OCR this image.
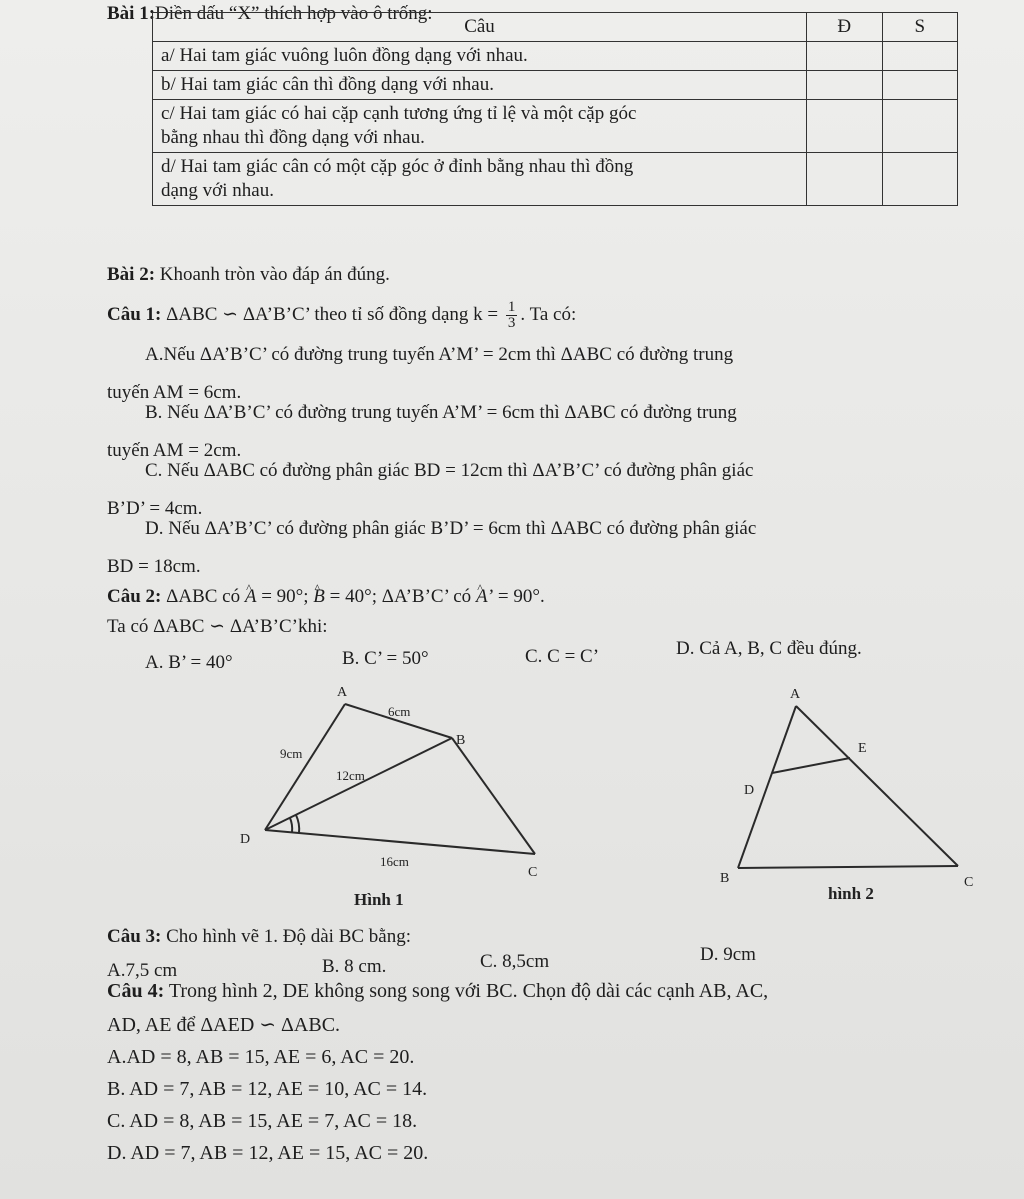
Bài 1:Điền dấu “X” thích hợp vào ô trống:
Câu	Đ	S
a/ Hai tam giác vuông luôn đồng dạng với nhau.		
b/ Hai tam giác cân thì đồng dạng với nhau.		
c/ Hai tam giác có hai cặp cạnh tương ứng tỉ lệ và một cặp góc
bằng nhau thì đồng dạng với nhau.		
d/ Hai tam giác cân có một cặp góc ở đỉnh bằng nhau thì đồng
dạng với nhau.		
Bài 2: Khoanh tròn vào đáp án đúng.
Câu 1: ΔABC ∽ ΔA’B’C’ theo tỉ số đồng dạng $k = \frac{1}{3}$ . Ta có:
A.Nếu ΔA’B’C’ có đường trung tuyến A’M’ = 2cm thì ΔABC có đường trung
tuyến AM = 6cm.
B. Nếu ΔA’B’C’ có đường trung tuyến A’M’ = 6cm thì ΔABC có đường trung
tuyến AM = 2cm.
C. Nếu ΔABC có đường phân giác BD = 12cm thì ΔA’B’C’ có đường phân giác
B’D’ = 4cm.
D. Nếu ΔA’B’C’ có đường phân giác B’D’ = 6cm thì ΔABC có đường phân giác
BD = 18cm.
Câu 2: ΔABC có ^ A = 90°; ^ B = 40°; ΔA’B’C’ có ^ A’ = 90°.
Ta có ΔABC ∽ ΔA’B’C’khi:
A. B’ = 40°	B. C’ = 50°	C. C = C’	D. Cả A, B, C đều đúng.
A
B
C
D
6cm
9cm
12cm
16cm
Hình 1
A
E
D
B	C
hình 2
Câu 3: Cho hình vẽ 1. Độ dài BC bằng:
A.7,5 cm	B. 8 cm.	C. 8,5cm	D. 9cm
Câu 4: Trong hình 2, DE không song song với BC. Chọn độ dài các cạnh AB, AC,
AD, AE để ΔAED ∽ ΔABC.
A.AD = 8, AB = 15, AE = 6, AC = 20.
B. AD = 7, AB = 12, AE = 10, AC = 14.
C. AD = 8, AB = 15, AE = 7, AC = 18.
D. AD = 7, AB = 12, AE = 15, AC = 20.
